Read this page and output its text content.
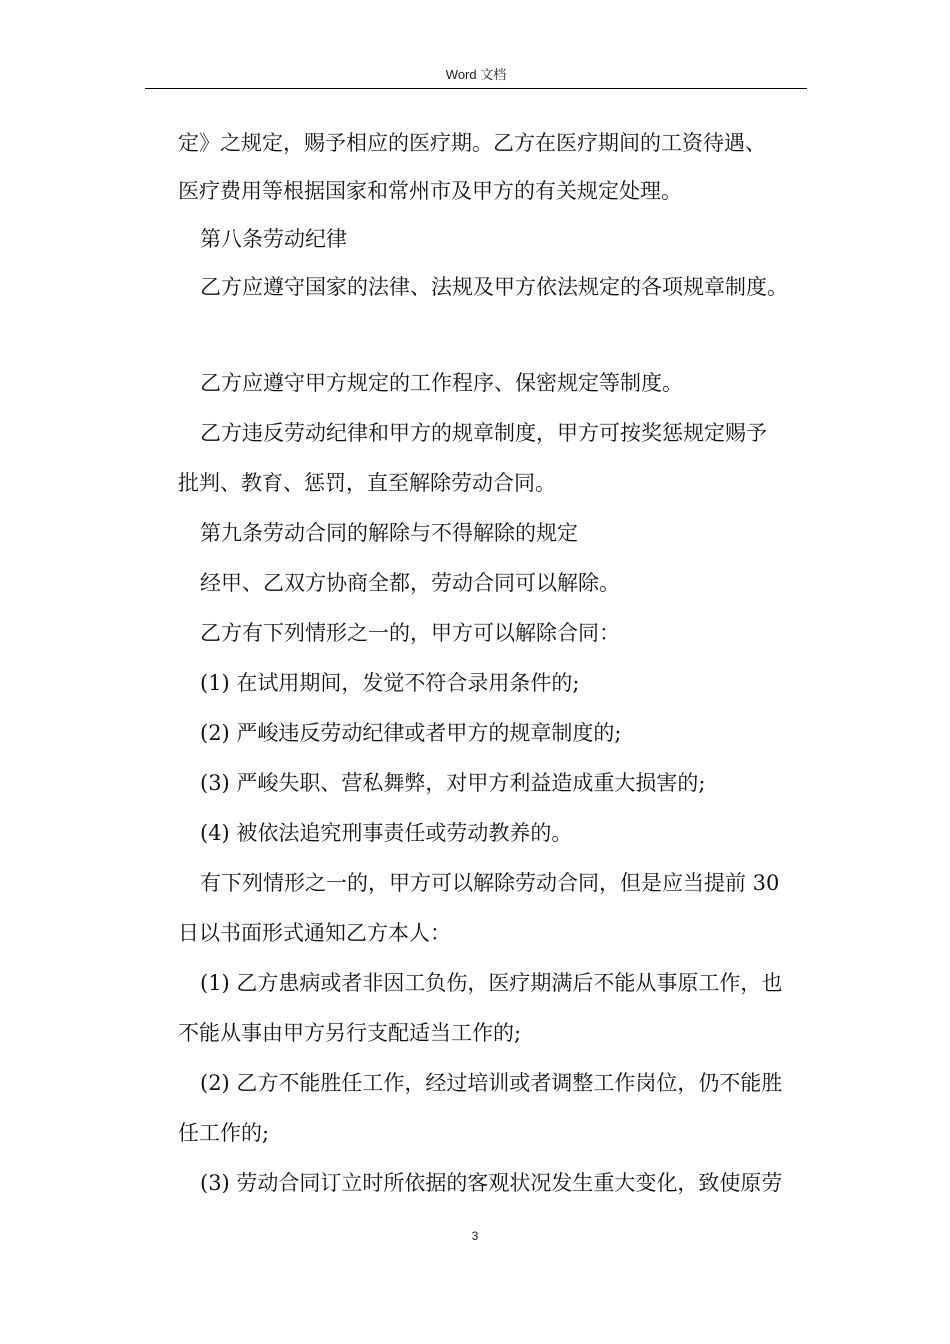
Word 文档
定》之规定，赐予相应的医疗期。乙方在医疗期间的工资待遇、
医疗费用等根据国家和常州市及甲方的有关规定处理。
第八条劳动纪律
乙方应遵守国家的法律、法规及甲方依法规定的各项规章制度。
乙方应遵守甲方规定的工作程序、保密规定等制度。
乙方违反劳动纪律和甲方的规章制度，甲方可按奖惩规定赐予
批判、教育、惩罚，直至解除劳动合同。
第九条劳动合同的解除与不得解除的规定
经甲、乙双方协商全都，劳动合同可以解除。
乙方有下列情形之一的，甲方可以解除合同：
(1) 在试用期间，发觉不符合录用条件的;
(2) 严峻违反劳动纪律或者甲方的规章制度的;
(3) 严峻失职、营私舞弊，对甲方利益造成重大损害的;
(4) 被依法追究刑事责任或劳动教养的。
有下列情形之一的，甲方可以解除劳动合同，但是应当提前 30
日以书面形式通知乙方本人：
(1) 乙方患病或者非因工负伤，医疗期满后不能从事原工作，也
不能从事由甲方另行支配适当工作的;
(2) 乙方不能胜任工作，经过培训或者调整工作岗位，仍不能胜
任工作的;
(3) 劳动合同订立时所依据的客观状况发生重大变化，致使原劳
3
